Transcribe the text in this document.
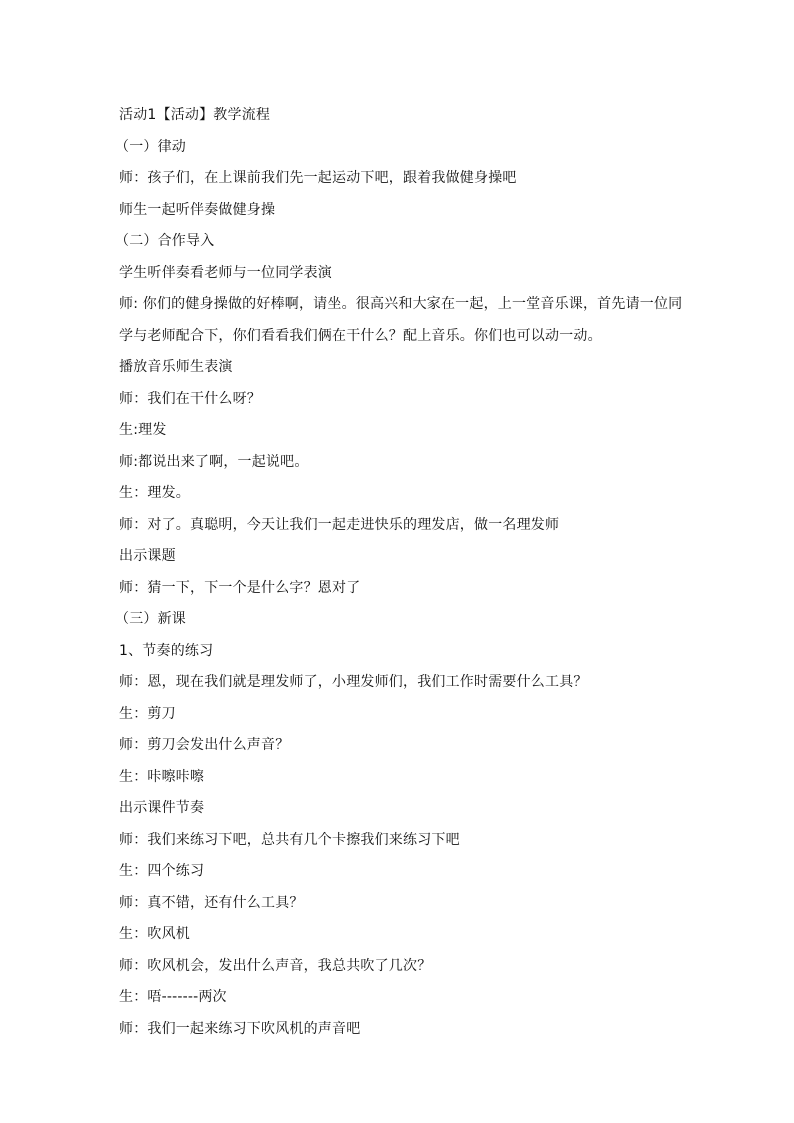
活动1【活动】教学流程
（一）律动
师：孩子们，在上课前我们先一起运动下吧，跟着我做健身操吧
师生一起听伴奏做健身操
（二）合作导入
学生听伴奏看老师与一位同学表演
师: 你们的健身操做的好棒啊，请坐。很高兴和大家在一起，上一堂音乐课，首先请一位同
学与老师配合下，你们看看我们俩在干什么？配上音乐。你们也可以动一动。
播放音乐师生表演
师：我们在干什么呀？
生:理发
师:都说出来了啊，一起说吧。
生：理发。
师：对了。真聪明，今天让我们一起走进快乐的理发店，做一名理发师
出示课题
师：猜一下，下一个是什么字？恩对了
（三）新课
1、节奏的练习
师：恩，现在我们就是理发师了，小理发师们，我们工作时需要什么工具？
生：剪刀
师：剪刀会发出什么声音？
生：咔嚓咔嚓
出示课件节奏
师：我们来练习下吧，总共有几个卡擦我们来练习下吧
生：四个练习
师：真不错，还有什么工具？
生：吹风机
师：吹风机会，发出什么声音，我总共吹了几次？
生：唔-------两次
师：我们一起来练习下吹风机的声音吧
